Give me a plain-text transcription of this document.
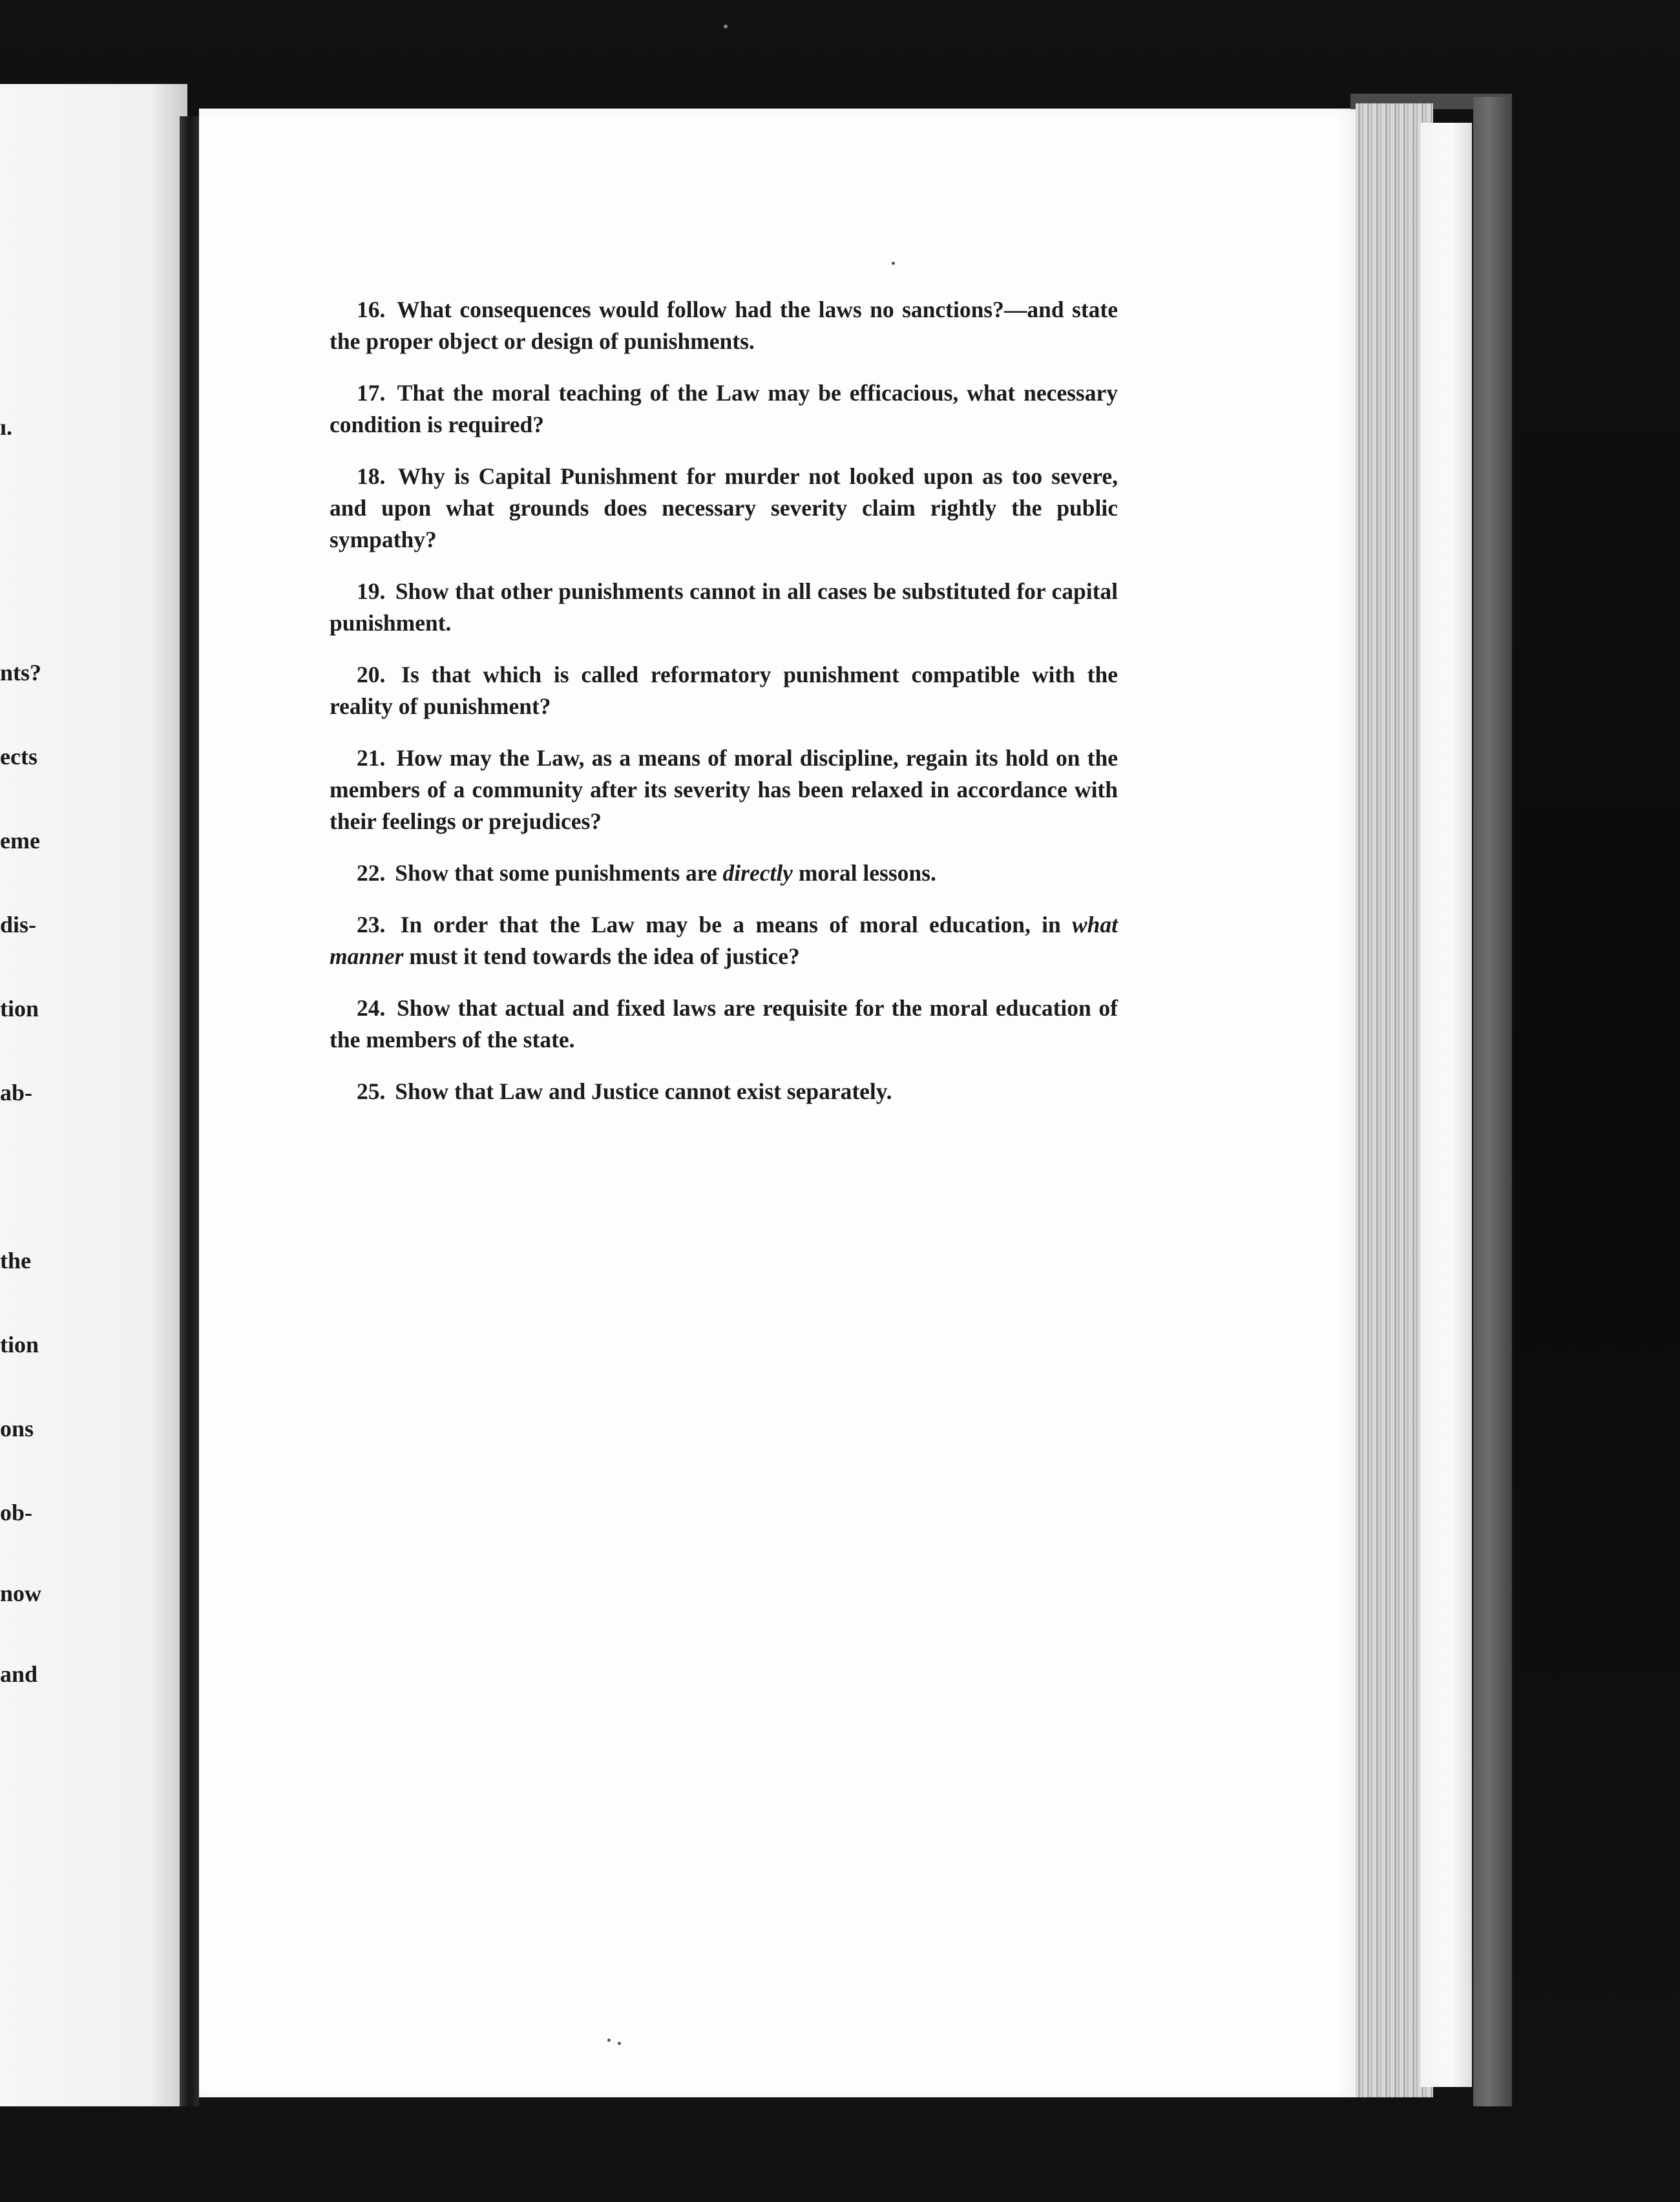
ı.
nts?
ects
eme
dis-
tion
ab-
the
tion
ons
ob-
now
and

16. What consequences would follow had the laws no sanctions?—and state the proper object or design of punishments.

17. That the moral teaching of the Law may be efficacious, what necessary condition is required?

18. Why is Capital Punishment for murder not looked upon as too severe, and upon what grounds does necessary severity claim rightly the public sympathy?

19. Show that other punishments cannot in all cases be substituted for capital punishment.

20. Is that which is called reformatory punishment compatible with the reality of punishment?

21. How may the Law, as a means of moral discipline, regain its hold on the members of a community after its severity has been relaxed in accordance with their feelings or prejudices?

22. Show that some punishments are directly moral lessons.

23. In order that the Law may be a means of moral education, in what manner must it tend towards the idea of justice?

24. Show that actual and fixed laws are requisite for the moral education of the members of the state.

25. Show that Law and Justice cannot exist separately.
